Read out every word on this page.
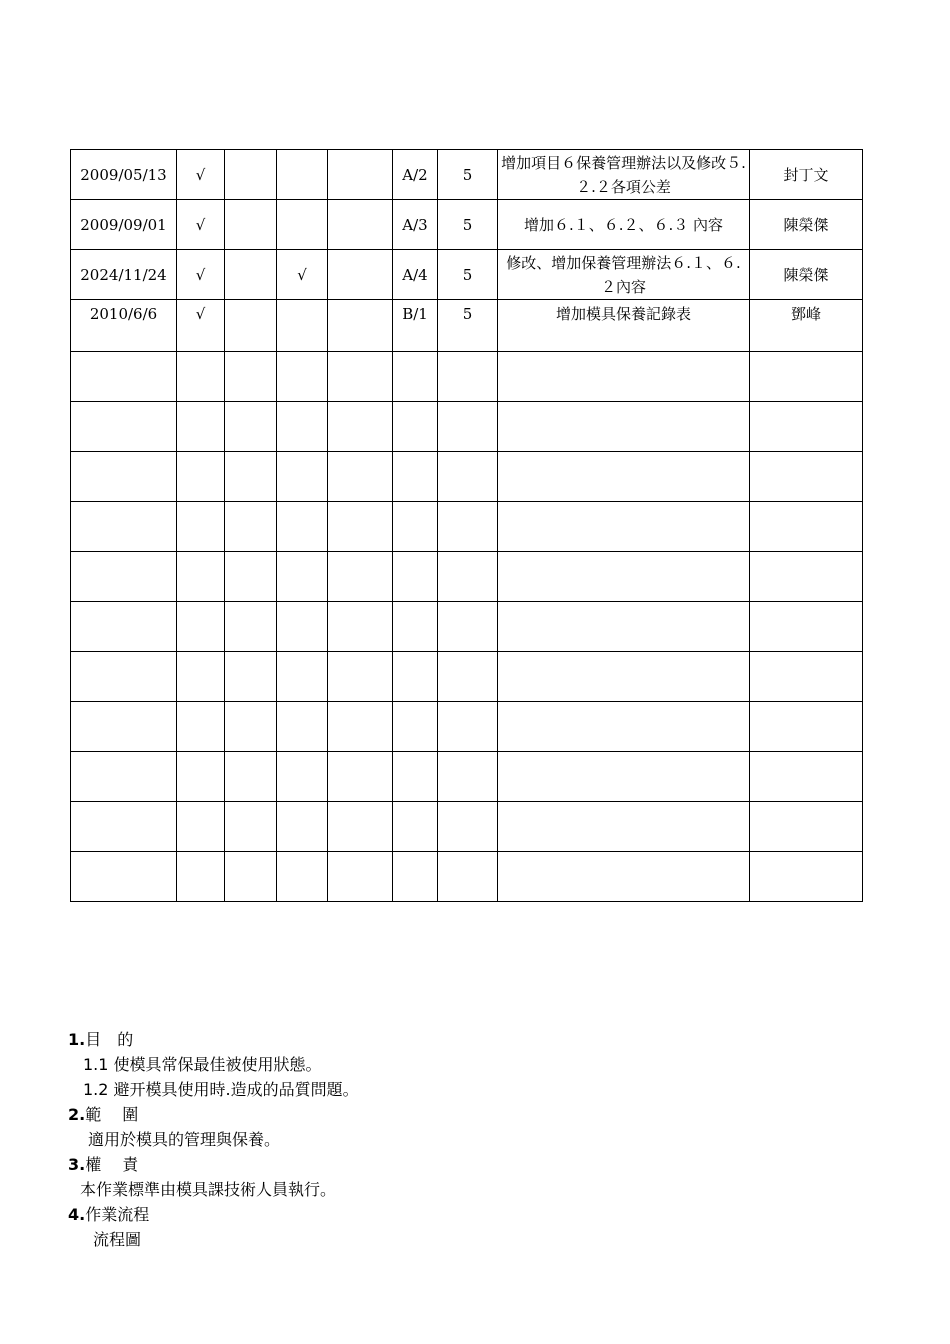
2009/05/13	√				A/2	5	增加項目６保養管理辦法以及修改５.２.２各項公差	封丁文
2009/09/01	√				A/3	5	增加６.１、６.２、６.３ 內容	陳榮傑
2024/11/24	√		√		A/4	5	修改、增加保養管理辦法６.１、６.２內容	陳榮傑
2010/6/6	√				B/1	5	增加模具保養記錄表	鄧峰

1.目　的
1.1 使模具常保最佳被使用狀態。
1.2 避开模具使用時.造成的品質問題。
2.範　 圍
適用於模具的管理與保養。
3.權　 責
本作業標準由模具課技術人員執行。
4.作業流程
流程圖
